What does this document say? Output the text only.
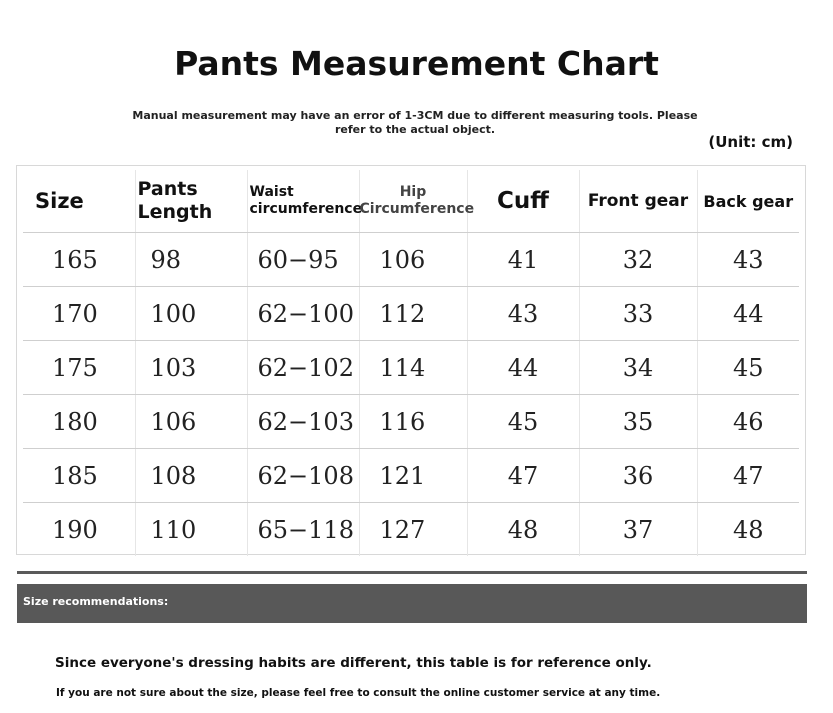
Pants Measurement Chart
Manual measurement may have an error of 1-3CM due to different measuring tools. Please refer to the actual object.
(Unit: cm)
Size	Pants Length	Waist circumference	Hip Circumference	Cuff	Front gear	Back gear
165	98	60−95	106	41	32	43
170	100	62−100	112	43	33	44
175	103	62−102	114	44	34	45
180	106	62−103	116	45	35	46
185	108	62−108	121	47	36	47
190	110	65−118	127	48	37	48
Size recommendations:
Since everyone's dressing habits are different, this table is for reference only.
If you are not sure about the size, please feel free to consult the online customer service at any time.
